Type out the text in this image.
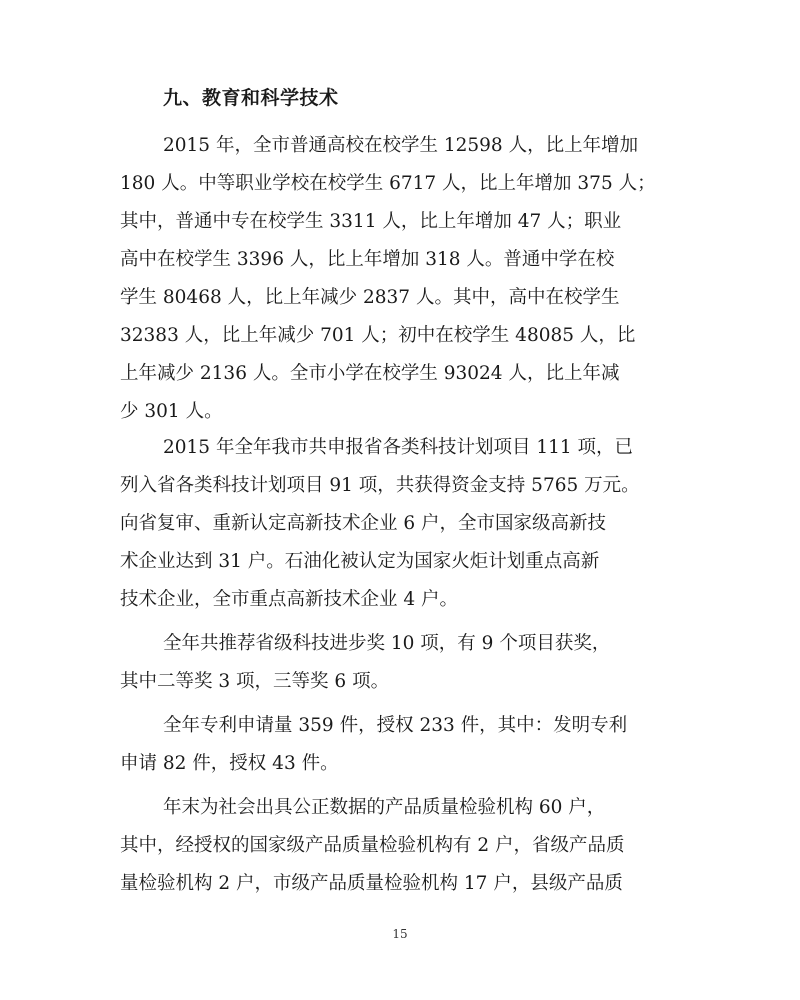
九、教育和科学技术
2015 年，全市普通高校在校学生 12598 人，比上年增加
180 人。中等职业学校在校学生 6717 人，比上年增加 375 人；
其中，普通中专在校学生 3311 人，比上年增加 47 人；职业
高中在校学生 3396 人，比上年增加 318 人。普通中学在校
学生 80468 人，比上年减少 2837 人。其中，高中在校学生
32383 人，比上年减少 701 人；初中在校学生 48085 人，比
上年减少 2136 人。全市小学在校学生 93024 人，比上年减
少 301 人。
2015 年全年我市共申报省各类科技计划项目 111 项，已
列入省各类科技计划项目 91 项，共获得资金支持 5765 万元。
向省复审、重新认定高新技术企业 6 户，全市国家级高新技
术企业达到 31 户。石油化被认定为国家火炬计划重点高新
技术企业，全市重点高新技术企业 4 户。
全年共推荐省级科技进步奖 10 项，有 9 个项目获奖，
其中二等奖 3 项，三等奖 6 项。
全年专利申请量 359 件，授权 233 件，其中：发明专利
申请 82 件，授权 43 件。
年末为社会出具公正数据的产品质量检验机构 60 户，
其中，经授权的国家级产品质量检验机构有 2 户，省级产品质
量检验机构 2 户，市级产品质量检验机构 17 户，县级产品质
15
